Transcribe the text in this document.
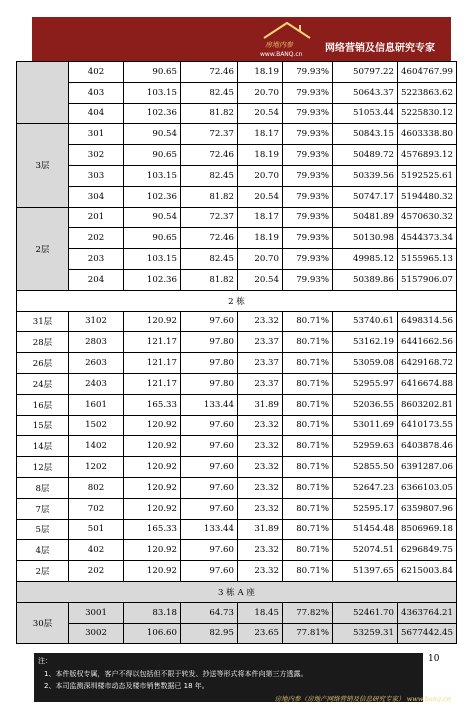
房地内参
www.BANQ.cn
网络营销及信息研究专家
	402	90.65	72.46	18.19	79.93%	50797.22	4604767.99
	403	103.15	82.45	20.70	79.93%	50643.37	5223863.62
	404	102.36	81.82	20.54	79.93%	51053.44	5225830.12
3层	301	90.54	72.37	18.17	79.93%	50843.15	4603338.80
	302	90.65	72.46	18.19	79.93%	50489.72	4576893.12
	303	103.15	82.45	20.70	79.93%	50339.56	5192525.61
	304	102.36	81.82	20.54	79.93%	50747.17	5194480.32
2层	201	90.54	72.37	18.17	79.93%	50481.89	4570630.32
	202	90.65	72.46	18.19	79.93%	50130.98	4544373.34
	203	103.15	82.45	20.70	79.93%	49985.12	5155965.13
	204	102.36	81.82	20.54	79.93%	50389.86	5157906.07
2 栋							
31层	3102	120.92	97.60	23.32	80.71%	53740.61	6498314.56
28层	2803	121.17	97.80	23.37	80.71%	53162.19	6441662.56
26层	2603	121.17	97.80	23.37	80.71%	53059.08	6429168.72
24层	2403	121.17	97.80	23.37	80.71%	52955.97	6416674.88
16层	1601	165.33	133.44	31.89	80.71%	52036.55	8603202.81
15层	1502	120.92	97.60	23.32	80.71%	53011.69	6410173.55
14层	1402	120.92	97.60	23.32	80.71%	52959.63	6403878.46
12层	1202	120.92	97.60	23.32	80.71%	52855.50	6391287.06
8层	802	120.92	97.60	23.32	80.71%	52647.23	6366103.05
7层	702	120.92	97.60	23.32	80.71%	52595.17	6359807.96
5层	501	165.33	133.44	31.89	80.71%	51454.48	8506969.18
4层	402	120.92	97.60	23.32	80.71%	52074.51	6296849.75
2层	202	120.92	97.60	23.32	80.71%	51397.65	6215003.84
3 栋 A 座							
30层	3001	83.18	64.73	18.45	77.82%	52461.70	4363764.21
	3002	106.60	82.95	23.65	77.81%	53259.31	5677442.45
注：
1、本件版权专属，客户不得以包括但不限于转发、抄送等形式将本件向第三方透露。
2、本司监测深圳楼市动态及楼市销售数据已 18 年。
房地内参（房地产网络营销及信息研究专家） www.banq.cn
10
